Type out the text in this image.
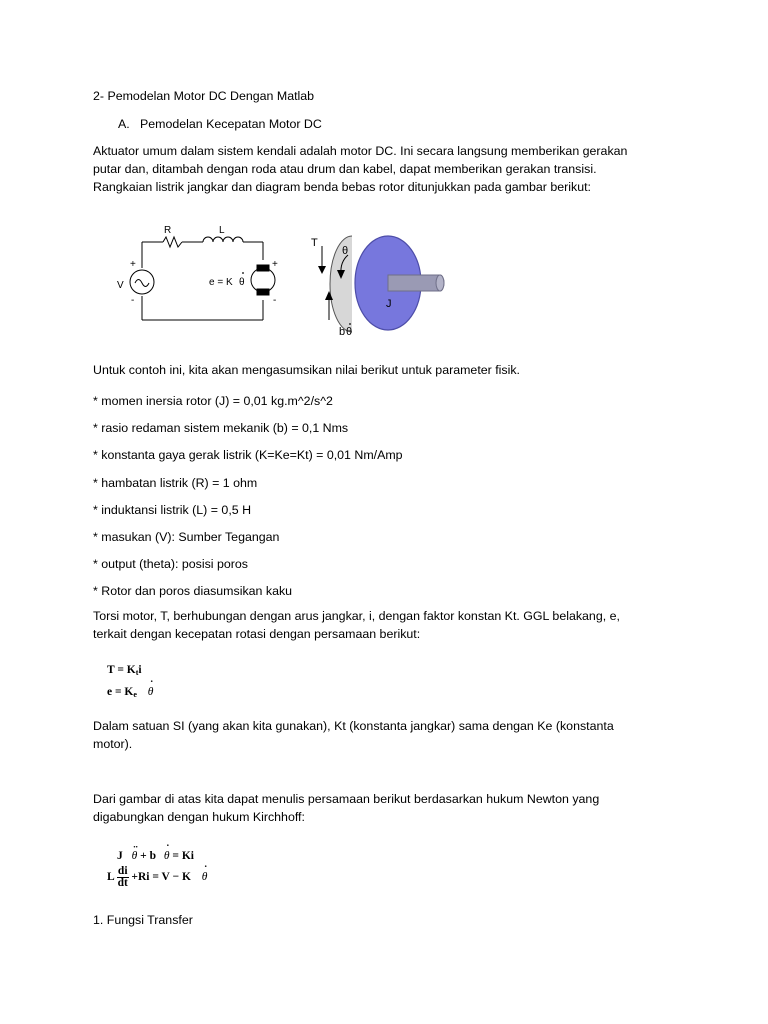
2- Pemodelan Motor DC Dengan Matlab

A. Pemodelan Kecepatan Motor DC

Aktuator umum dalam sistem kendali adalah motor DC. Ini secara langsung memberikan gerakan
putar dan, ditambah dengan roda atau drum dan kabel, dapat memberikan gerakan transisi.
Rangkaian listrik jangkar dan diagram benda bebas rotor ditunjukkan pada gambar berikut:
R	L
V
+
-
+
-
e = K θ
T
θ
J
b θ

Untuk contoh ini, kita akan mengasumsikan nilai berikut untuk parameter fisik.

* momen inersia rotor (J) = 0,01 kg.m^2/s^2
* rasio redaman sistem mekanik (b) = 0,1 Nms
* konstanta gaya gerak listrik (K=Ke=Kt) = 0,01 Nm/Amp
* hambatan listrik (R) = 1 ohm
* induktansi listrik (L) = 0,5 H
* masukan (V): Sumber Tegangan
* output (theta): posisi poros
* Rotor dan poros diasumsikan kaku
Torsi motor, T, berhubungan dengan arus jangkar, i, dengan faktor konstan Kt. GGL belakang, e,
terkait dengan kecepatan rotasi dengan persamaan berikut:
$T = K_ti$
$e = K_e \cdot \theta$
Dalam satuan SI (yang akan kita gunakan), Kt (konstanta jangkar) sama dengan Ke (konstanta
motor).
Dari gambar di atas kita dapat menulis persamaan berikut berdasarkan hukum Newton yang
digabungkan dengan hukum Kirchhoff:
J ·· θ + b · θ = Ki
L $\frac{di}{dt} +Ri = V - K \cdot \theta$

1. Fungsi Transfer
